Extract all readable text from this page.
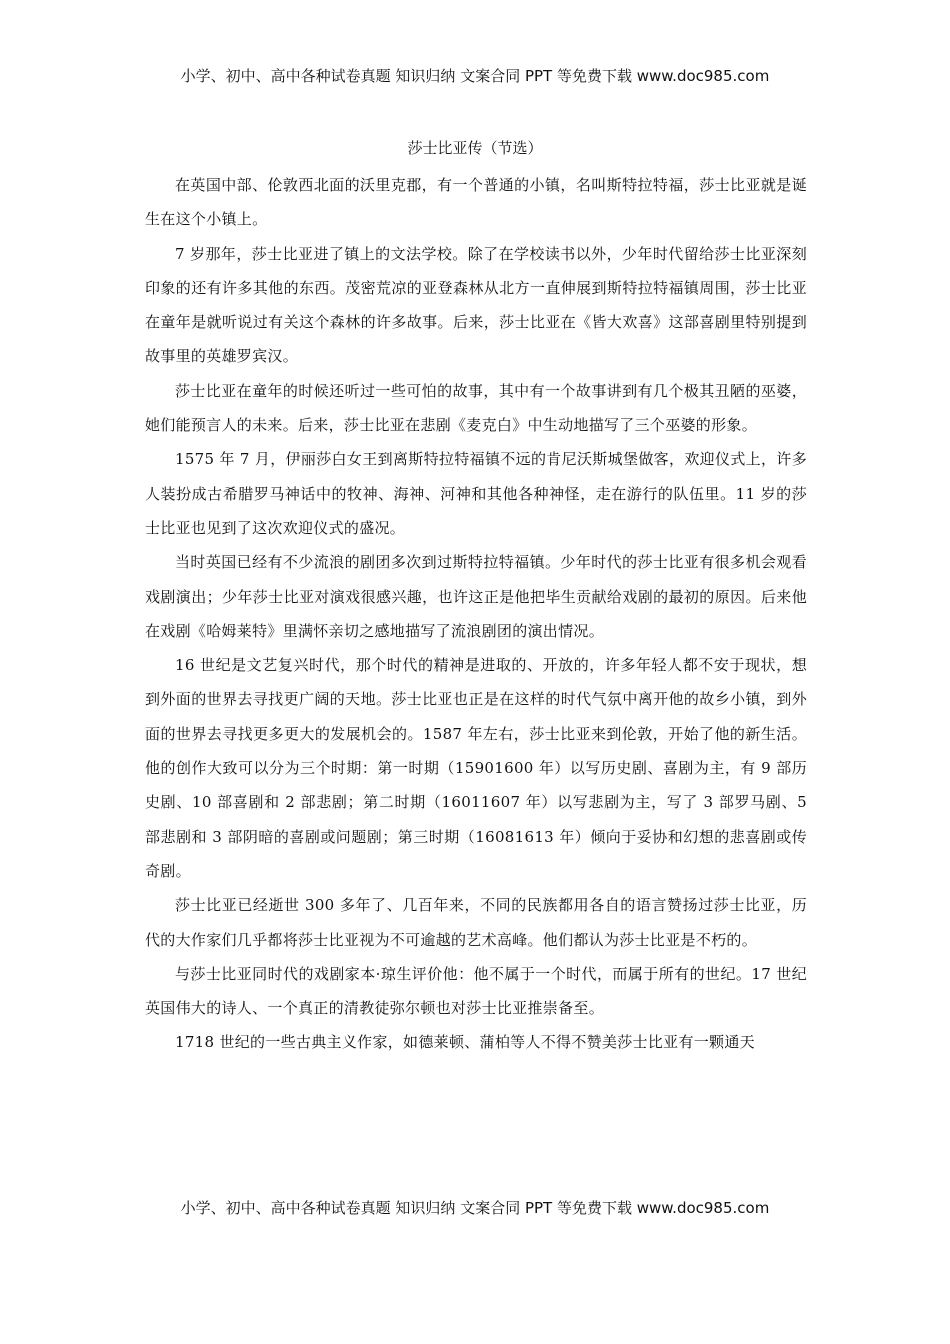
小学、初中、高中各种试卷真题 知识归纳 文案合同 PPT 等免费下载 www.doc985.com
莎士比亚传（节选）

在英国中部、伦敦西北面的沃里克郡，有一个普通的小镇，名叫斯特拉特福，莎士比亚就是诞生在这个小镇上。

7 岁那年，莎士比亚进了镇上的文法学校。除了在学校读书以外，少年时代留给莎士比亚深刻印象的还有许多其他的东西。茂密荒凉的亚登森林从北方一直伸展到斯特拉特福镇周围，莎士比亚在童年是就听说过有关这个森林的许多故事。后来，莎士比亚在《皆大欢喜》这部喜剧里特别提到故事里的英雄罗宾汉。

莎士比亚在童年的时候还听过一些可怕的故事，其中有一个故事讲到有几个极其丑陋的巫婆，她们能预言人的未来。后来，莎士比亚在悲剧《麦克白》中生动地描写了三个巫婆的形象。

1575 年 7 月，伊丽莎白女王到离斯特拉特福镇不远的肯尼沃斯城堡做客，欢迎仪式上，许多人装扮成古希腊罗马神话中的牧神、海神、河神和其他各种神怪，走在游行的队伍里。11 岁的莎士比亚也见到了这次欢迎仪式的盛况。

当时英国已经有不少流浪的剧团多次到过斯特拉特福镇。少年时代的莎士比亚有很多机会观看戏剧演出；少年莎士比亚对演戏很感兴趣，也许这正是他把毕生贡献给戏剧的最初的原因。后来他在戏剧《哈姆莱特》里满怀亲切之感地描写了流浪剧团的演出情况。

16 世纪是文艺复兴时代，那个时代的精神是进取的、开放的，许多年轻人都不安于现状，想到外面的世界去寻找更广阔的天地。莎士比亚也正是在这样的时代气氛中离开他的故乡小镇，到外面的世界去寻找更多更大的发展机会的。1587 年左右，莎士比亚来到伦敦，开始了他的新生活。他的创作大致可以分为三个时期：第一时期（15901600 年）以写历史剧、喜剧为主，有 9 部历史剧、10 部喜剧和 2 部悲剧；第二时期（16011607 年）以写悲剧为主，写了 3 部罗马剧、5 部悲剧和 3 部阴暗的喜剧或问题剧；第三时期（16081613 年）倾向于妥协和幻想的悲喜剧或传奇剧。

莎士比亚已经逝世 300 多年了、几百年来，不同的民族都用各自的语言赞扬过莎士比亚，历代的大作家们几乎都将莎士比亚视为不可逾越的艺术高峰。他们都认为莎士比亚是不朽的。

与莎士比亚同时代的戏剧家本·琼生评价他：他不属于一个时代，而属于所有的世纪。17 世纪英国伟大的诗人、一个真正的清教徒弥尔顿也对莎士比亚推崇备至。

1718 世纪的一些古典主义作家，如德莱顿、蒲柏等人不得不赞美莎士比亚有一颗通天

小学、初中、高中各种试卷真题 知识归纳 文案合同 PPT 等免费下载 www.doc985.com
